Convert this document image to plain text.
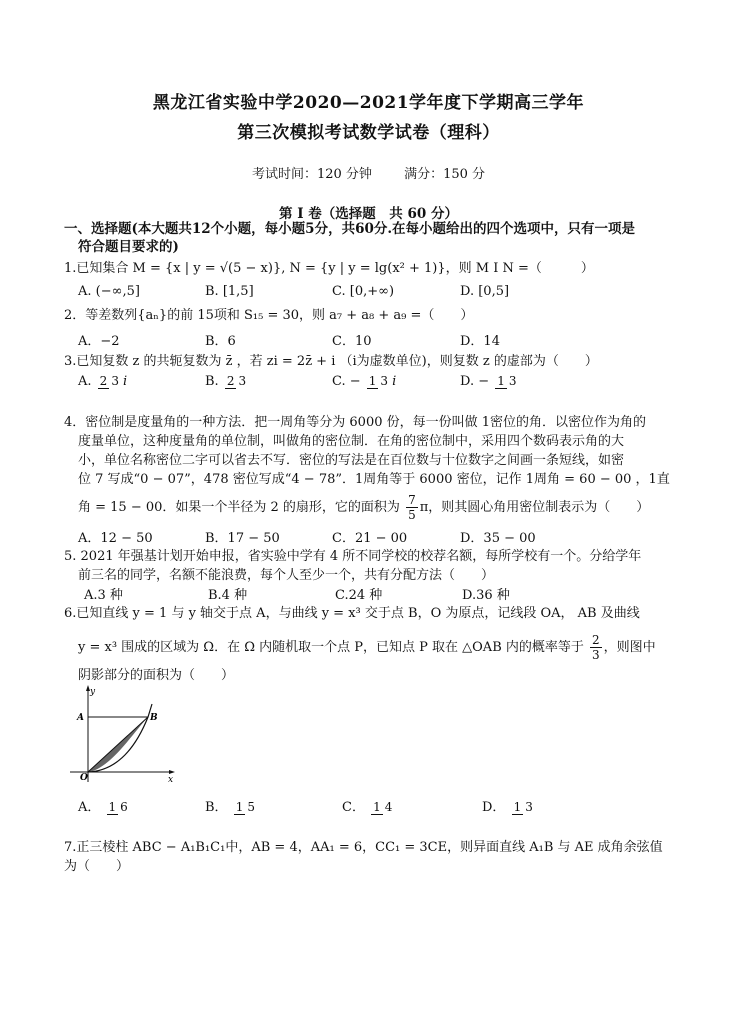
黑龙江省实验中学2020—2021学年度下学期高三学年
第三次模拟考试数学试卷（理科）
考试时间：120 分钟 满分：150 分
第 I 卷（选择题　共 60 分）
一、选择题(本大题共12个小题，每小题5分，共60分.在每小题给出的四个选项中，只有一项是
符合题目要求的)
1.已知集合 M = {x | y = √(5 − x)}, N = {y | y = lg(x² + 1)}，则 M I N =（　　　）
A. (−∞,5]	B. [1,5]	C. [0,+∞)	D. [0,5]
2．等差数列{aₙ}的前 15项和 S₁₅ = 30，则 a₇ + a₈ + a₉ =（　　）
A．−2	B．6	C．10	D．14
3.已知复数 z 的共轭复数为 z̄ ，若 zi = 2z̄ + i （i为虚数单位)，则复数 z 的虚部为（　　）
A. 2 3 i	B. 2 3	C. − 1 3 i	D. − 1 3
4．密位制是度量角的一种方法．把一周角等分为 6000 份，每一份叫做 1密位的角．以密位作为角的
度量单位，这种度量角的单位制，叫做角的密位制．在角的密位制中，采用四个数码表示角的大
小，单位名称密位二字可以省去不写．密位的写法是在百位数与十位数字之间画一条短线，如密
位 7 写成“0 − 07”，478 密位写成“4 − 78”．1周角等于 6000 密位，记作 1周角 = 60 − 00 ，1直
角 = 15 − 00．如果一个半径为 2 的扇形，它的面积为 $\frac{7}{5}$ π，则其圆心角用密位制表示为（　　）
A．12 − 50	B．17 − 50	C．21 − 00	D．35 − 00
5. 2021 年强基计划开始申报，省实验中学有 4 所不同学校的校荐名额，每所学校有一个。分给学年
前三名的同学，名额不能浪费，每个人至少一个，共有分配方法（　　）
A.3 种	B.4 种	C.24 种	D.36 种
6.已知直线 y = 1 与 y 轴交于点 A，与曲线 y = x³ 交于点 B，O 为原点，记线段 OA， AB 及曲线
y = x³ 围成的区域为 Ω．在 Ω 内随机取一个点 P，已知点 P 取在 △OAB 内的概率等于 $\frac{2}{3}$ ，则图中
阴影部分的面积为（　　）
y
x
A	B
O
A． 1 6	B． 1 5	C． 1 4	D． 1 3
7.正三棱柱 ABC − A₁B₁C₁中，AB = 4，AA₁ = 6，CC₁ = 3CE，则异面直线 A₁B 与 AE 成角余弦值
为（　　）
